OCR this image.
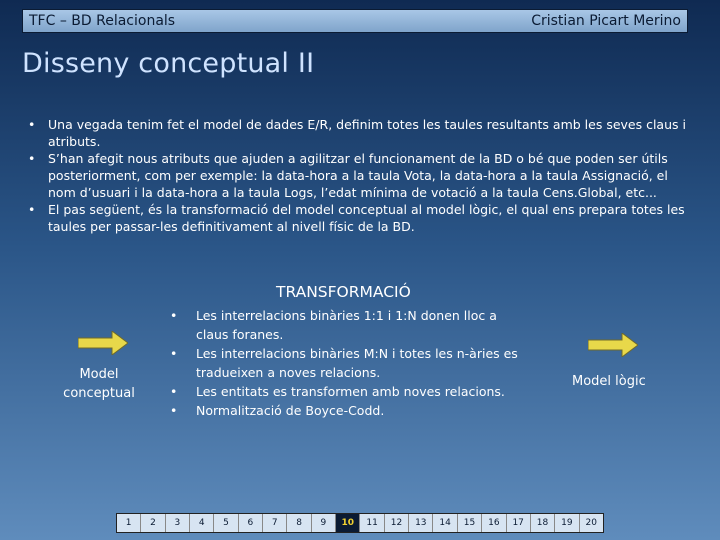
TFC – BD Relacionals	Cristian Picart Merino
Disseny conceptual II
• Una vegada tenim fet el model de dades E/R, definim totes les taules resultants amb les seves claus i atributs.
• S’han afegit nous atributs que ajuden a agilitzar el funcionament de la BD o bé que poden ser útils posteriorment, com per exemple: la data-hora a la taula Vota, la data-hora a la taula Assignació, el nom d’usuari i la data-hora a la taula Logs, l’edat mínima de votació a la taula Cens.Global, etc...
• El pas següent, és la transformació del model conceptual al model lògic, el qual ens prepara totes les taules per passar-les definitivament al nivell físic de la BD.
TRANSFORMACIÓ
Model conceptual
• Les interrelacions binàries 1:1 i 1:N donen lloc a claus foranes.
• Les interrelacions binàries M:N i totes les n-àries es tradueixen a noves relacions.
• Les entitats es transformen amb noves relacions.
• Normalització de Boyce-Codd.
Model lògic
1	2	3	4	5	6	7	8	9	10	11	12	13	14	15	16	17	18	19	20
